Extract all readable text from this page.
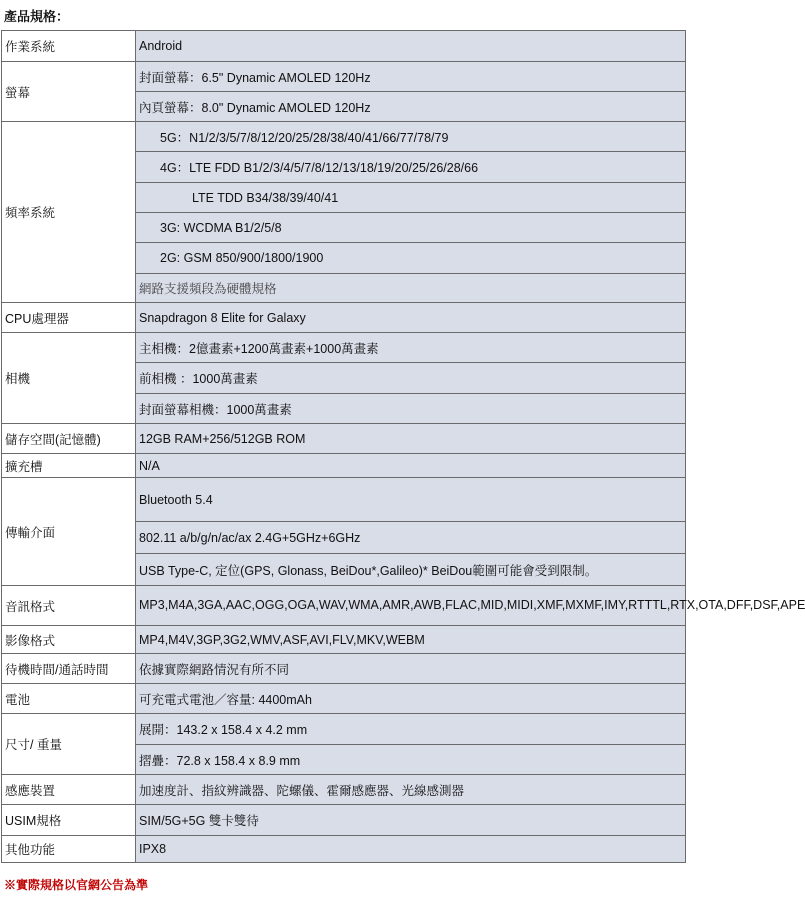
產品規格：
作業系統	Android
螢幕	封面螢幕：6.5" Dynamic AMOLED 120Hz
	內頁螢幕：8.0" Dynamic AMOLED 120Hz
頻率系統	5G：N1/2/3/5/7/8/12/20/25/28/38/40/41/66/77/78/79
	4G：LTE FDD B1/2/3/4/5/7/8/12/13/18/19/20/25/26/28/66
	LTE TDD B34/38/39/40/41
	3G: WCDMA B1/2/5/8
	2G: GSM 850/900/1800/1900
	網路支援頻段為硬體規格
CPU處理器	Snapdragon 8 Elite for Galaxy
相機	主相機：2億畫素+1200萬畫素+1000萬畫素
	前相機 ：1000萬畫素
	封面螢幕相機：1000萬畫素
儲存空間(記憶體)	12GB RAM+256/512GB ROM
擴充槽	N/A
傳輸介面	Bluetooth 5.4
	802.11 a/b/g/n/ac/ax 2.4G+5GHz+6GHz
	USB Type-C, 定位(GPS, Glonass, BeiDou*,Galileo)* BeiDou範圍可能會受到限制。
音訊格式	MP3,M4A,3GA,AAC,OGG,OGA,WAV,WMA,AMR,AWB,FLAC,MID,MIDI,XMF,MXMF,IMY,RTTTL,RTX,OTA,DFF,DSF,APE
影像格式	MP4,M4V,3GP,3G2,WMV,ASF,AVI,FLV,MKV,WEBM
待機時間/通話時間	依據實際網路情況有所不同
電池	可充電式電池／容量: 4400mAh
尺寸/ 重量	展開：143.2 x 158.4 x 4.2 mm
	摺疊：72.8 x 158.4 x 8.9 mm
感應裝置	加速度計、指紋辨識器、陀螺儀、霍爾感應器、光線感測器
USIM規格	SIM/5G+5G 雙卡雙待
其他功能	IPX8
※實際規格以官網公告為準
